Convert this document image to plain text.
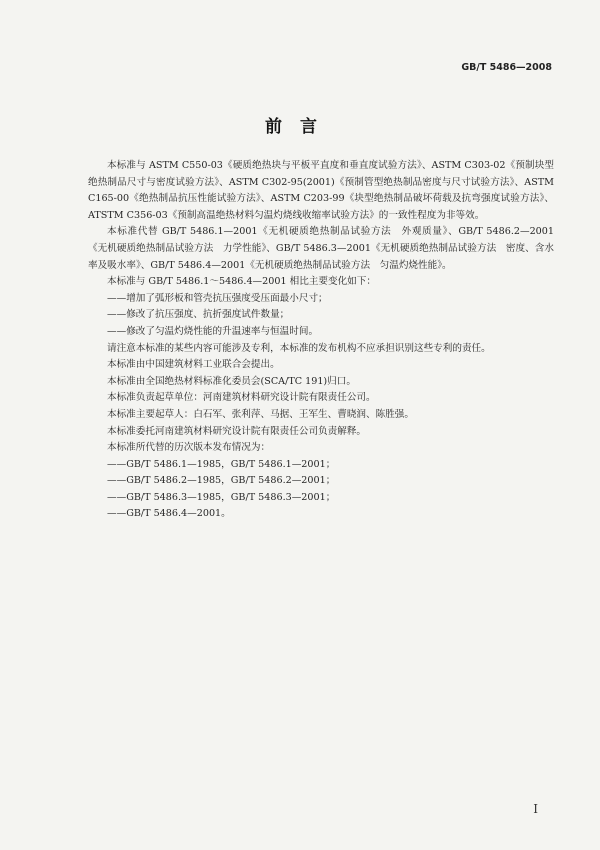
GB/T 5486—2008
前言

本标准与 ASTM C550-03《硬质绝热块与平板平直度和垂直度试验方法》、ASTM C303-02《预制块型绝热制品尺寸与密度试验方法》、ASTM C302-95(2001)《预制管型绝热制品密度与尺寸试验方法》、ASTM C165-00《绝热制品抗压性能试验方法》、ASTM C203-99《块型绝热制品破坏荷载及抗弯强度试验方法》、ATSTM C356-03《预制高温绝热材料匀温灼烧线收缩率试验方法》的一致性程度为非等效。

本标准代替 GB/T 5486.1—2001《无机硬质绝热制品试验方法　外观质量》、GB/T 5486.2—2001《无机硬质绝热制品试验方法　力学性能》、GB/T 5486.3—2001《无机硬质绝热制品试验方法　密度、含水率及吸水率》、GB/T 5486.4—2001《无机硬质绝热制品试验方法　匀温灼烧性能》。

本标准与 GB/T 5486.1～5486.4—2001 相比主要变化如下：

——增加了弧形板和管壳抗压强度受压面最小尺寸；

——修改了抗压强度、抗折强度试件数量；

——修改了匀温灼烧性能的升温速率与恒温时间。

请注意本标准的某些内容可能涉及专利，本标准的发布机构不应承担识别这些专利的责任。

本标准由中国建筑材料工业联合会提出。

本标准由全国绝热材料标准化委员会(SCA/TC 191)归口。

本标准负责起草单位：河南建筑材料研究设计院有限责任公司。

本标准主要起草人：白石军、张利萍、马据、王军生、曹晓润、陈胜强。

本标准委托河南建筑材料研究设计院有限责任公司负责解释。

本标准所代替的历次版本发布情况为：

——GB/T 5486.1—1985，GB/T 5486.1—2001；

——GB/T 5486.2—1985，GB/T 5486.2—2001；

——GB/T 5486.3—1985，GB/T 5486.3—2001；

——GB/T 5486.4—2001。

I
